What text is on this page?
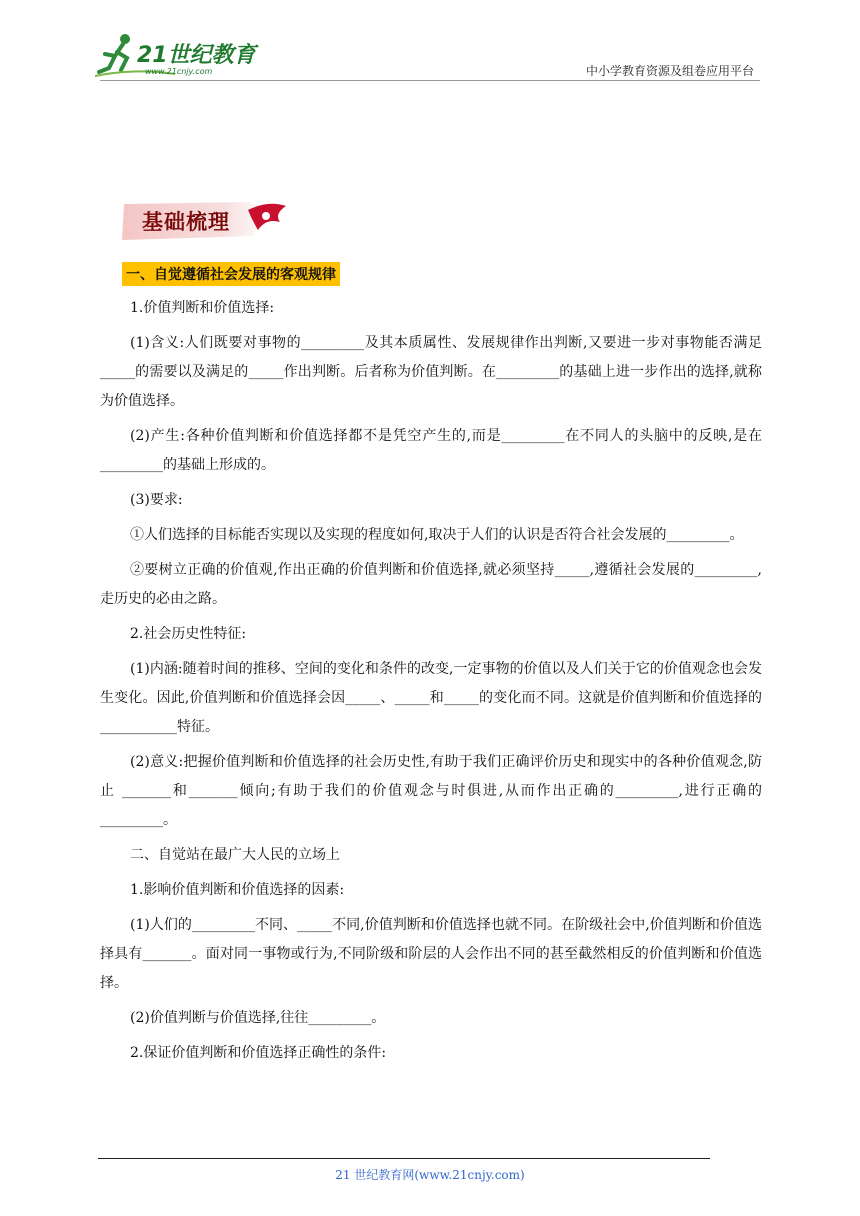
21世纪教育
www.21cnjy.com	中小学教育资源及组卷应用平台
基础梳理
一、自觉遵循社会发展的客观规律

1.价值判断和价值选择:

(1)含义:人们既要对事物的_________及其本质属性、发展规律作出判断,又要进一步对事物能否满足_____的需要以及满足的_____作出判断。后者称为价值判断。在_________的基础上进一步作出的选择,就称为价值选择。

(2)产生:各种价值判断和价值选择都不是凭空产生的,而是_________在不同人的头脑中的反映,是在_________的基础上形成的。

(3)要求:

①人们选择的目标能否实现以及实现的程度如何,取决于人们的认识是否符合社会发展的_________。

②要树立正确的价值观,作出正确的价值判断和价值选择,就必须坚持_____,遵循社会发展的_________,走历史的必由之路。

2.社会历史性特征:

(1)内涵:随着时间的推移、空间的变化和条件的改变,一定事物的价值以及人们关于它的价值观念也会发生变化。因此,价值判断和价值选择会因_____、_____和_____的变化而不同。这就是价值判断和价值选择的___________特征。

(2)意义:把握价值判断和价值选择的社会历史性,有助于我们正确评价历史和现实中的各种价值观念,防止 _______和_______倾向;有助于我们的价值观念与时俱进,从而作出正确的_________,进行正确的_________。

二、自觉站在最广大人民的立场上

1.影响价值判断和价值选择的因素:

(1)人们的_________不同、_____不同,价值判断和价值选择也就不同。在阶级社会中,价值判断和价值选择具有_______。面对同一事物或行为,不同阶级和阶层的人会作出不同的甚至截然相反的价值判断和价值选择。

(2)价值判断与价值选择,往往_________。

2.保证价值判断和价值选择正确性的条件:

21 世纪教育网(www.21cnjy.com)
